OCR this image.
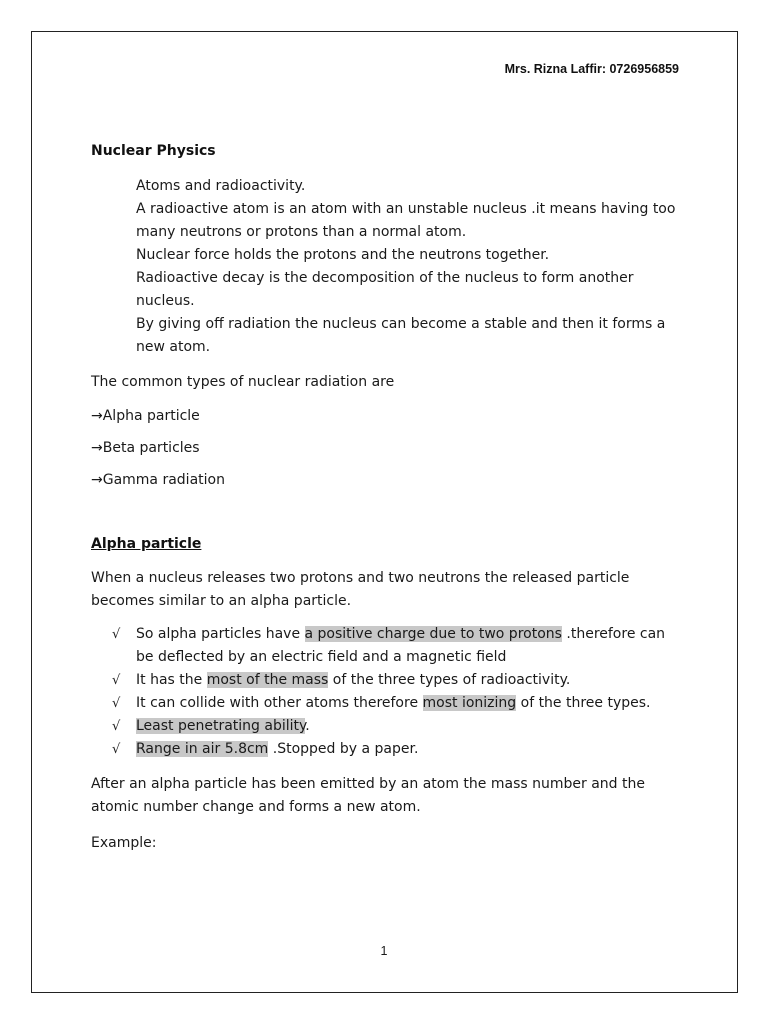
Mrs. Rizna Laffir: 0726956859
Nuclear Physics

Atoms and radioactivity.

A radioactive atom is an atom with an unstable nucleus .it means having too many neutrons or protons than a normal atom.

Nuclear force holds the protons and the neutrons together.

Radioactive decay is the decomposition of the nucleus to form another nucleus.

By giving off radiation the nucleus can become a stable and then it forms a new atom.

The common types of nuclear radiation are
→Alpha particle
→Beta particles
→Gamma radiation
Alpha particle
When a nucleus releases two protons and two neutrons the released particle becomes similar to an alpha particle.
√ So alpha particles have a positive charge due to two protons .therefore can be deflected by an electric field and a magnetic field
√ It has the most of the mass of the three types of radioactivity.
√ It can collide with other atoms therefore most ionizing of the three types.
√ Least penetrating ability.
√ Range in air 5.8cm .Stopped by a paper.
After an alpha particle has been emitted by an atom the mass number and the atomic number change and forms a new atom.
Example:
1
